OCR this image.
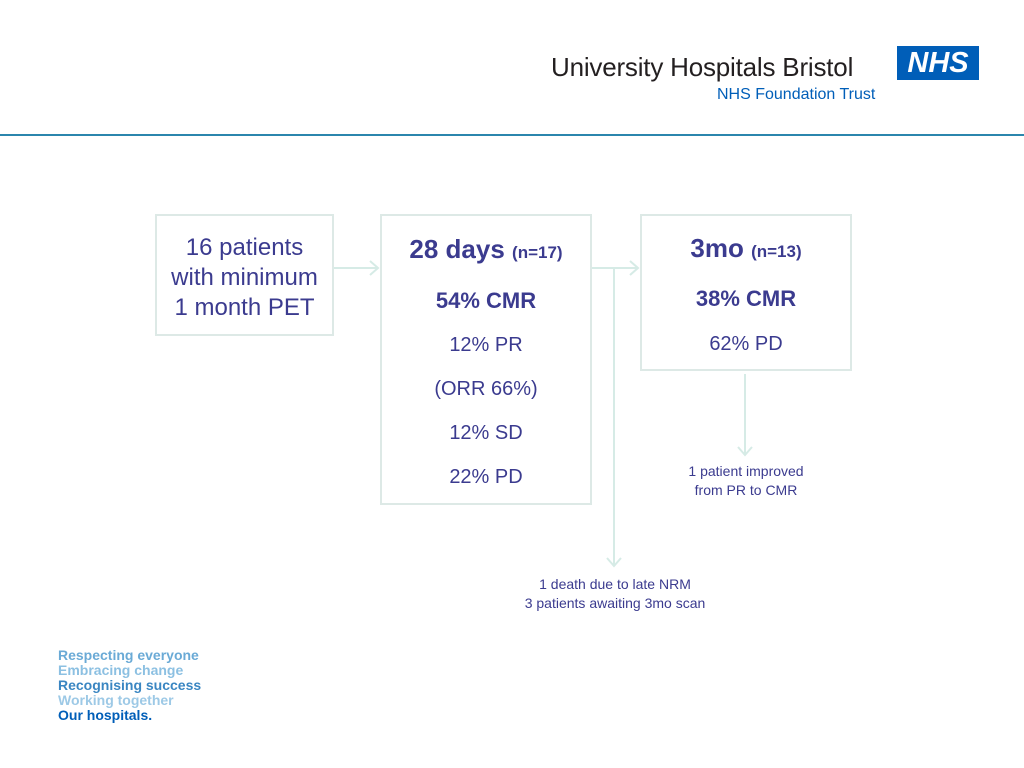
University Hospitals Bristol	NHS
NHS Foundation Trust
16 patients
with minimum
1 month PET
28 days (n=17)
54% CMR
12% PR
(ORR 66%)
12% SD
22% PD
3mo (n=13)
38% CMR
62% PD
1 patient improved
from PR to CMR
1 death due to late NRM
3 patients awaiting 3mo scan
Respecting everyone
Embracing change
Recognising success
Working together
Our hospitals.
